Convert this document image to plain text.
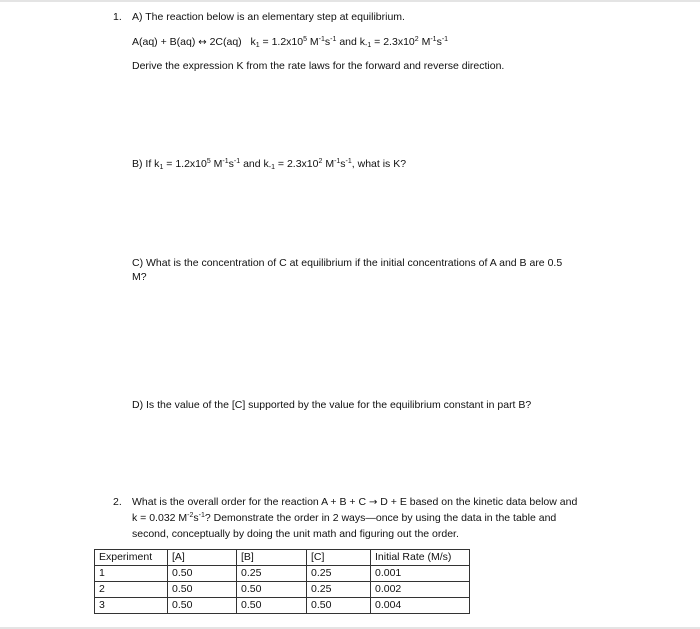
1. A) The reaction below is an elementary step at equilibrium.
A(aq) + B(aq) ↔ 2C(aq) $k_1 = 1.2x10^5$ $M^{-1}s^{-1}$ and $k_{-1} = 2.3x10^2$ $M^{-1}s^{-1}$
Derive the expression K from the rate laws for the forward and reverse direction.
B) If $k_1 = 1.2x10^5$ $M^{-1}s^{-1}$ and $k_{-1} = 2.3x10^2$ $M^{-1}s^{-1}$, what is K?
C) What is the concentration of C at equilibrium if the initial concentrations of A and B are 0.5
M?
D) Is the value of the [C] supported by the value for the equilibrium constant in part B?
2. What is the overall order for the reaction A + B + C → D + E based on the kinetic data below and
k = 0.032 $M^{-2}s^{-1}$? Demonstrate the order in 2 ways—once by using the data in the table and
second, conceptually by doing the unit math and figuring out the order.
Experiment	[A]	[B]	[C]	Initial Rate (M/s)
1	0.50	0.25	0.25	0.001
2	0.50	0.50	0.25	0.002
3	0.50	0.50	0.50	0.004
